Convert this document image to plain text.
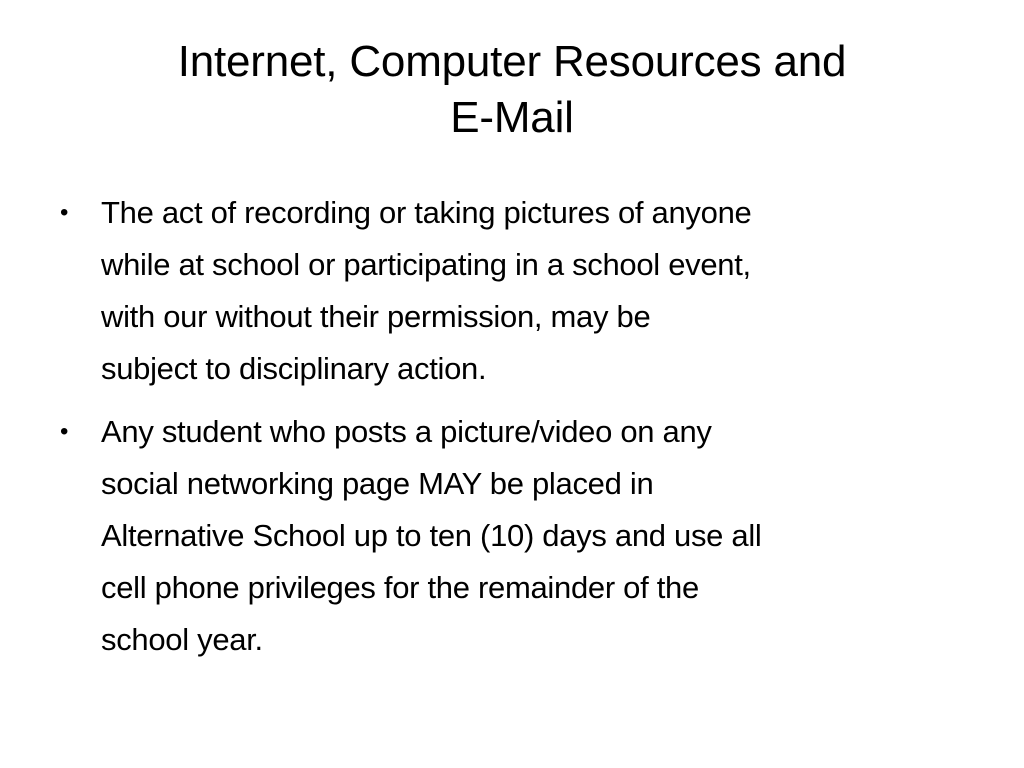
Internet, Computer Resources and
E-Mail
•	The act of recording or taking pictures of anyone
while at school or participating in a school event,
with our without their permission, may be
subject to disciplinary action.
•	Any student who posts a picture/video on any
social networking page MAY be placed in
Alternative School up to ten (10) days and use all
cell phone privileges for the remainder of the
school year.
